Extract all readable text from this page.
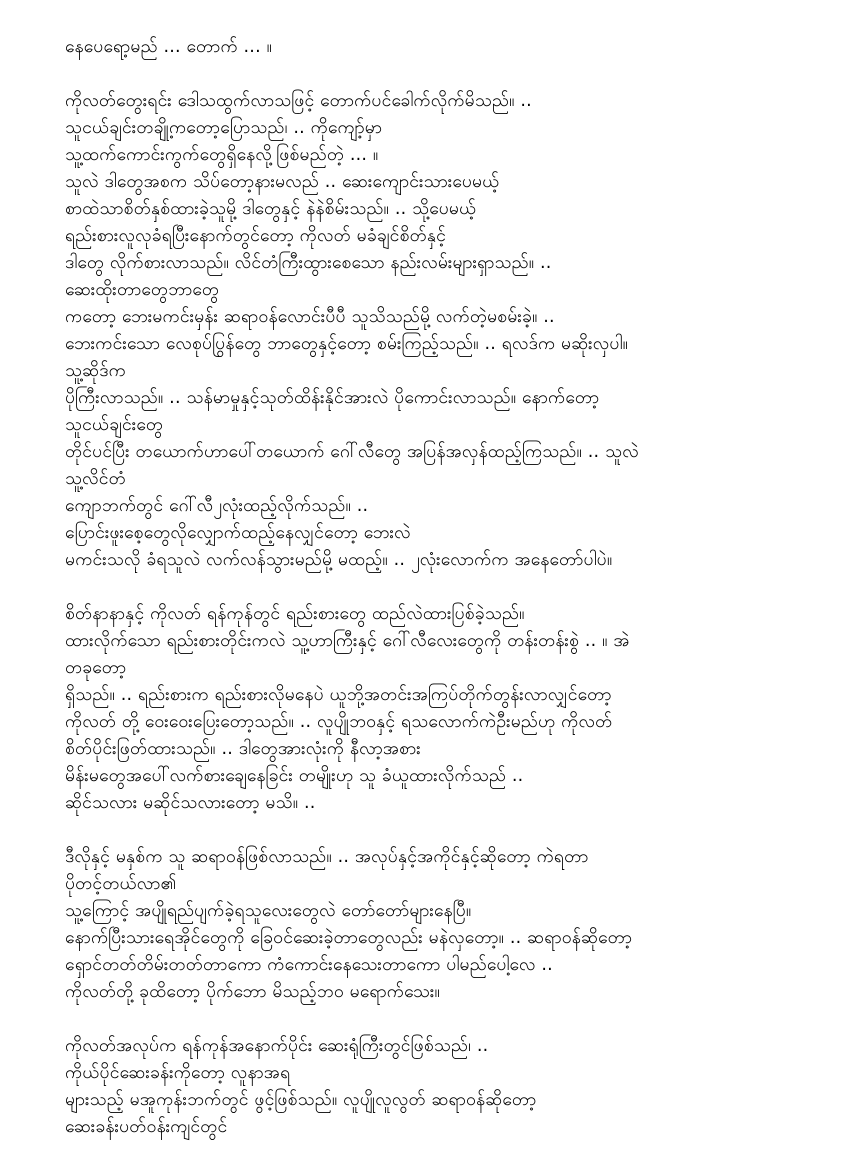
နေပေရော့မည် ... တောက် ... ။
ကိုလတ်တွေးရင်း ဒေါသထွက်လာသဖြင့် တောက်ပင်ခေါက်လိုက်မိသည်။ ..
သူငယ်ချင်းတချို့ကတော့ပြောသည်၊ .. ကိုကျော့်မှာ
သူ့ထက်ကောင်းကွက်တွေရှိနေလို့ဖြစ်မည်တဲ့ ... ။
သူလဲ ဒါတွေအစက သိပ်တော့နားမလည် .. ဆေးကျောင်းသားပေမယ့်
စာထဲသာစိတ်နှစ်ထားခဲ့သူမို့ ဒါတွေနှင့် နဲနဲစိမ်းသည်။ .. သို့ပေမယ့်
ရည်းစားလူလုခံရပြီးနောက်တွင်တော့ ကိုလတ် မခံချင်စိတ်နှင့်
ဒါတွေ လိုက်စားလာသည်။ လိင်တံကြီးထွားစေသော နည်းလမ်းများရှာသည်။ ..
ဆေးထိုးတာတွေဘာတွေ
ကတော့ ဘေးမကင်းမှန်း ဆရာဝန်လောင်းပီပီ သူသိသည်မို့ လက်တဲ့မစမ်းခဲ့။ ..
ဘေးကင်းသော လေစုပ်ပြွန်တွေ ဘာတွေနှင့်တော့ စမ်းကြည့်သည်။ .. ရလဒ်က မဆိုးလှပါ။
သူ့ဆိုဒ်က
ပိုကြီးလာသည်။ .. သန်မာမှုနှင့်သုတ်ထိန်းနိုင်အားလဲ ပိုကောင်းလာသည်။ နောက်တော့
သူငယ်ချင်းတွေ
တိုင်ပင်ပြီး တယောက်ဟာပေါ်တယောက် ဂေါ်လီတွေ အပြန်အလှန်ထည့်ကြသည်။ .. သူလဲ
သူ့လိင်တံ
ကျောဘက်တွင် ဂေါ်လီ၂လုံးထည့်လိုက်သည်။ ..
ပြောင်းဖူးစေ့တွေလိုလျှောက်ထည့်နေလျှင်တော့ ဘေးလဲ
မကင်းသလို ခံရသူလဲ လက်လန်သွားမည်မို့ မထည့်။ .. ၂လုံးလောက်က အနေတော်ပါပဲ။
စိတ်နာနာနှင့် ကိုလတ် ရန်ကုန်တွင် ရည်းစားတွေ ထည်လဲထားပြစ်ခဲ့သည်။
ထားလိုက်သော ရည်းစားတိုင်းကလဲ သူ့ဟာကြီးနှင့် ဂေါ်လီလေးတွေကို တန်းတန်းစွဲ .. ။ အဲ
တခုတော့
ရှိသည်။ .. ရည်းစားက ရည်းစားလိုမနေပဲ ယူဘို့အတင်းအကြပ်တိုက်တွန်းလာလျှင်တော့
ကိုလတ် တို့ ဝေးဝေးပြေးတော့သည်။ .. လူပျိုဘဝနှင့် ရသလောက်ကဲဦးမည်ဟု ကိုလတ်
စိတ်ပိုင်းဖြတ်ထားသည်။ .. ဒါတွေအားလုံးကို နီလာ့အစား
မိန်းမတွေအပေါ်လက်စားချေနေခြင်း တမျိုးဟု သူ ခံယူထားလိုက်သည် ..
ဆိုင်သလား မဆိုင်သလားတော့ မသိ။ ..
ဒီလိုနှင့် မနှစ်က သူ ဆရာဝန်ဖြစ်လာသည်။ .. အလုပ်နှင့်အကိုင်နှင့်ဆိုတော့ ကဲရတာ
ပိုတင့်တယ်လာ၏
သူ့ကြောင့် အပျိုရည်ပျက်ခဲ့ရသူလေးတွေလဲ တော်တော်များနေပြီ။
နောက်ပြီးသားရေအိုင်တွေကို ခြေဝင်ဆေးခဲ့တာတွေလည်း မနဲလှတော့။ .. ဆရာဝန်ဆိုတော့
ရှောင်တတ်တိမ်းတတ်တာကော ကံကောင်းနေသေးတာကော ပါမည်ပေါ့လေ ..
ကိုလတ်တို့ ခုထိတော့ ပိုက်ဘော မိသည့်ဘဝ မရောက်သေး။
ကိုလတ်အလုပ်က ရန်ကုန်အနောက်ပိုင်း ဆေးရုံကြီးတွင်ဖြစ်သည်၊ ..
ကိုယ်ပိုင်ဆေးခန်းကိုတော့ လူနာအရ
များသည့် မအူကုန်းဘက်တွင် ဖွင့်ဖြစ်သည်။ လူပျိုလူလွတ် ဆရာဝန်ဆိုတော့
ဆေးခန်းပတ်ဝန်းကျင်တွင်
